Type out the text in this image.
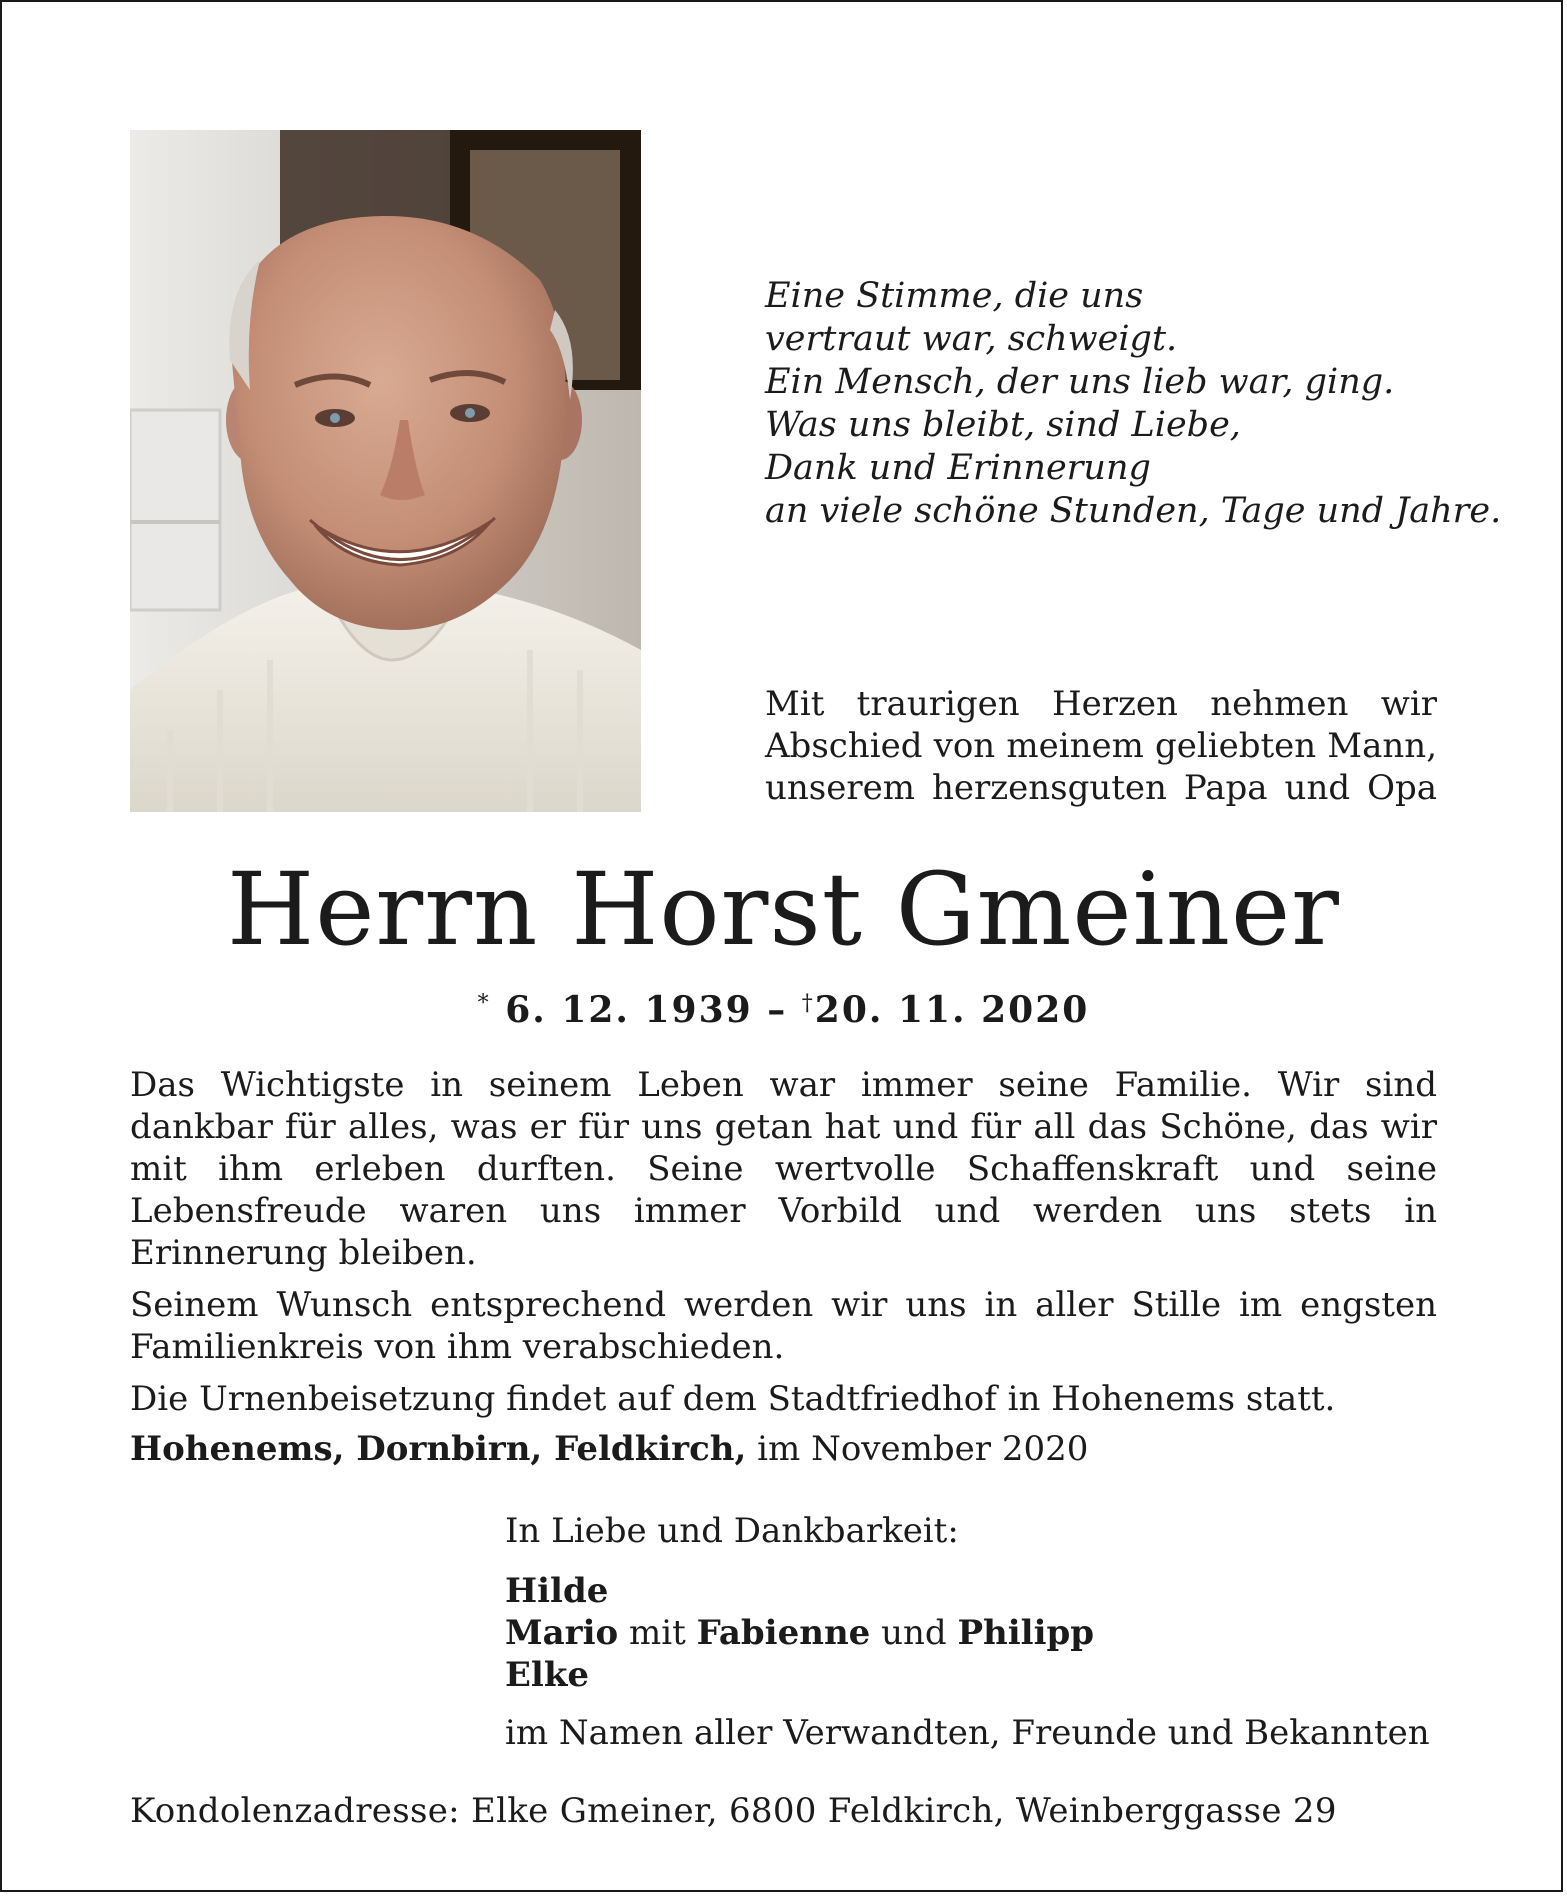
Eine Stimme, die uns
vertraut war, schweigt.
Ein Mensch, der uns lieb war, ging.
Was uns bleibt, sind Liebe,
Dank und Erinnerung
an viele schöne Stunden, Tage und Jahre.
Mit traurigen Herzen nehmen wir
Abschied von meinem geliebten Mann,
unserem herzensguten Papa und Opa
Herrn Horst Gmeiner
* 6. 12. 1939 – †20. 11. 2020

Das Wichtigste in seinem Leben war immer seine Familie. Wir sind dankbar für alles, was er für uns getan hat und für all das Schöne, das wir mit ihm erleben durften. Seine wertvolle Schaffenskraft und seine Lebensfreude waren uns immer Vorbild und werden uns stets in Erinnerung bleiben.

Seinem Wunsch entsprechend werden wir uns in aller Stille im engsten Familienkreis von ihm verabschieden.

Die Urnenbeisetzung findet auf dem Stadtfriedhof in Hohenems statt.

Hohenems, Dornbirn, Feldkirch, im November 2020
In Liebe und Dankbarkeit:
Hilde
Mario mit Fabienne und Philipp
Elke
im Namen aller Verwandten, Freunde und Bekannten
Kondolenzadresse: Elke Gmeiner, 6800 Feldkirch, Weinberggasse 29
